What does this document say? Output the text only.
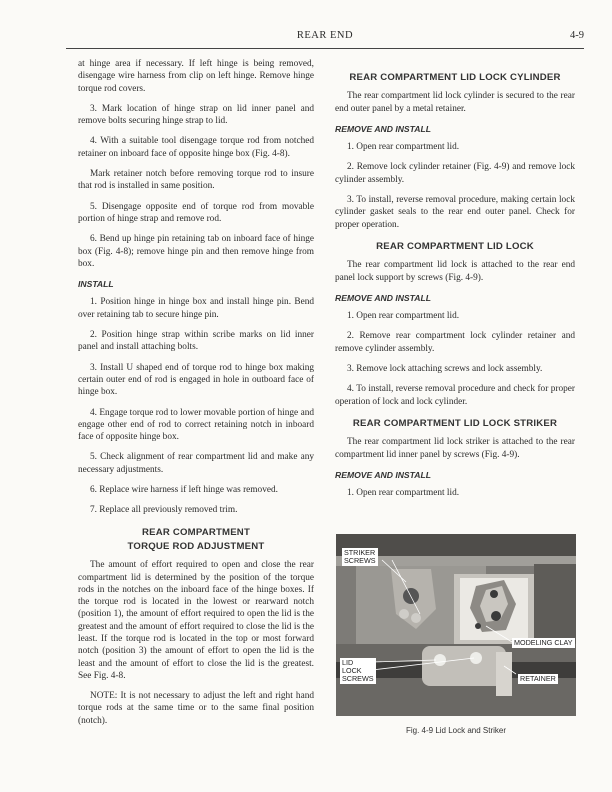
REAR END	4-9

at hinge area if necessary. If left hinge is being removed, disengage wire harness from clip on left hinge. Remove hinge torque rod covers.

3. Mark location of hinge strap on lid inner panel and remove bolts securing hinge strap to lid.

4. With a suitable tool disengage torque rod from notched retainer on inboard face of opposite hinge box (Fig. 4-8).

Mark retainer notch before removing torque rod to insure that rod is installed in same position.

5. Disengage opposite end of torque rod from movable portion of hinge strap and remove rod.

6. Bend up hinge pin retaining tab on inboard face of hinge box (Fig. 4-8); remove hinge pin and then remove hinge from box.

INSTALL

1. Position hinge in hinge box and install hinge pin. Bend over retaining tab to secure hinge pin.

2. Position hinge strap within scribe marks on lid inner panel and install attaching bolts.

3. Install U shaped end of torque rod to hinge box making certain outer end of rod is engaged in hole in outboard face of hinge box.

4. Engage torque rod to lower movable portion of hinge and engage other end of rod to correct retaining notch in inboard face of opposite hinge box.

5. Check alignment of rear compartment lid and make any necessary adjustments.

6. Replace wire harness if left hinge was removed.

7. Replace all previously removed trim.

REAR COMPARTMENT
TORQUE ROD ADJUSTMENT

The amount of effort required to open and close the rear compartment lid is determined by the position of the torque rods in the notches on the inboard face of the hinge boxes. If the torque rod is located in the lowest or rearward notch (position 1), the amount of effort required to open the lid is the greatest and the amount of effort required to close the lid is the least. If the torque rod is located in the top or most forward notch (position 3) the amount of effort to open the lid is the least and the amount of effort to close the lid is the greatest. See Fig. 4-8.

NOTE: It is not necessary to adjust the left and right hand torque rods at the same time or to the same final position (notch).

REAR COMPARTMENT LID LOCK CYLINDER

The rear compartment lid lock cylinder is secured to the rear end outer panel by a metal retainer.

REMOVE AND INSTALL

1. Open rear compartment lid.

2. Remove lock cylinder retainer (Fig. 4-9) and remove lock cylinder assembly.

3. To install, reverse removal procedure, making certain lock cylinder gasket seals to the rear end outer panel. Check for proper operation.

REAR COMPARTMENT LID LOCK

The rear compartment lid lock is attached to the rear end panel lock support by screws (Fig. 4-9).

REMOVE AND INSTALL

1. Open rear compartment lid.

2. Remove rear compartment lock cylinder retainer and remove cylinder assembly.

3. Remove lock attaching screws and lock assembly.

4. To install, reverse removal procedure and check for proper operation of lock and lock cylinder.

REAR COMPARTMENT LID LOCK STRIKER

The rear compartment lid lock striker is attached to the rear compartment lid inner panel by screws (Fig. 4-9).

REMOVE AND INSTALL

1. Open rear compartment lid.

STRIKER
SCREWS
MODELING CLAY
LID
LOCK
SCREWS	RETAINER
Fig. 4-9 Lid Lock and Striker
